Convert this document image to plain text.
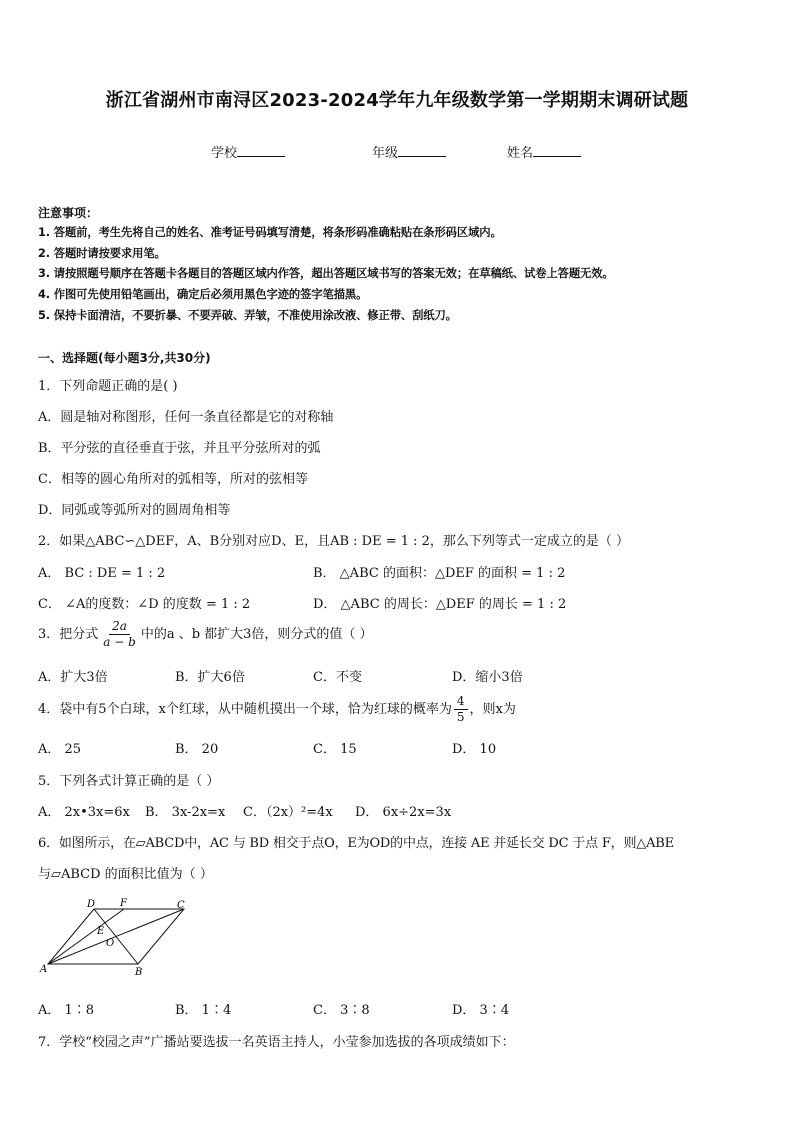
浙江省湖州市南浔区2023-2024学年九年级数学第一学期期末调研试题
学校	年级	姓名
注意事项：
1. 答题前，考生先将自己的姓名、准考证号码填写清楚，将条形码准确粘贴在条形码区域内。
2. 答题时请按要求用笔。
3. 请按照题号顺序在答题卡各题目的答题区域内作答，超出答题区域书写的答案无效；在草稿纸、试卷上答题无效。
4. 作图可先使用铅笔画出，确定后必须用黑色字迹的签字笔描黑。
5. 保持卡面清洁，不要折暴、不要弄破、弄皱，不准使用涂改液、修正带、刮纸刀。
一、选择题(每小题3分,共30分)
1．下列命题正确的是( )
A．圆是轴对称图形，任何一条直径都是它的对称轴
B．平分弦的直径垂直于弦，并且平分弦所对的弧
C．相等的圆心角所对的弧相等，所对的弦相等
D．同弧或等弧所对的圆周角相等
2．如果△ABC∽△DEF，A、B分别对应D、E，且AB : DE = 1 : 2，那么下列等式一定成立的是（ ）
A． BC : DE = 1 : 2	B． △ABC 的面积：△DEF 的面积 = 1 : 2
C． ∠A的度数：∠D 的度数 = 1 : 2	D． △ABC 的周长：△DEF 的周长 = 1 : 2
3．把分式 $\frac{2a}{a - b}$ 中的a 、b 都扩大3倍，则分式的值（ ）
A．扩大3倍	B．扩大6倍	C．不变	D．缩小3倍
4．袋中有5个白球，x个红球，从中随机摸出一个球，恰为红球的概率为 $\frac{4}{5}$ ，则x为
A． 25	B． 20	C． 15	D． 10
5．下列各式计算正确的是（ ）
A． 2x•3x=6x B． 3x-2x=x C．（2x）²=4x D． 6x÷2x=3x
6．如图所示，在▱ABCD中，AC 与 BD 相交于点O，E为OD的中点，连接 AE 并延长交 DC 于点 F，则△ABE
与▱ABCD 的面积比值为（ ）
A	B
C
D
E
F
O
A． 1∶8	B． 1∶4	C． 3∶8	D． 3∶4
7．学校“校园之声”广播站要选拔一名英语主持人，小莹参加选拔的各项成绩如下：
